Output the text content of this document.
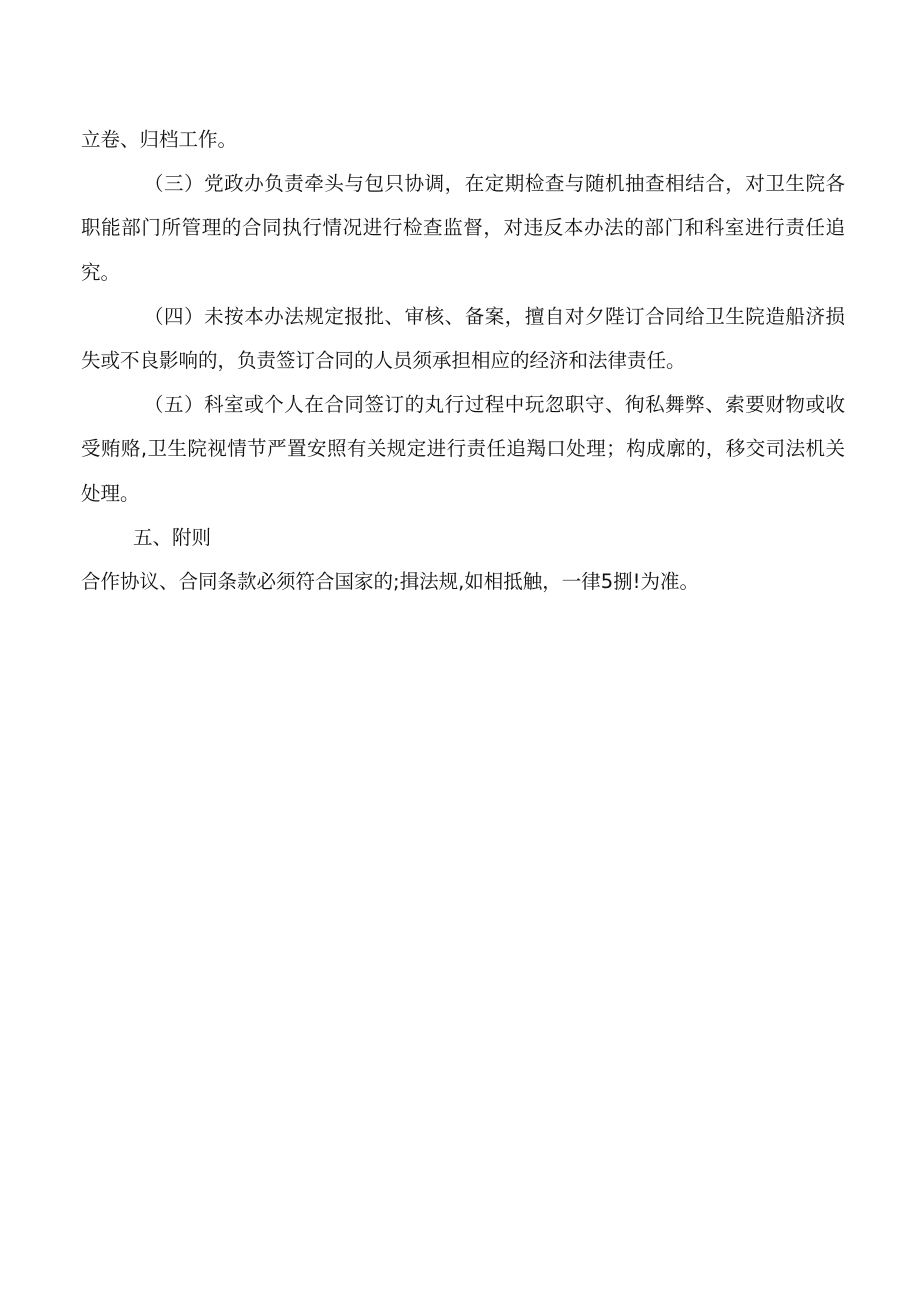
立卷、归档工作。

（三）党政办负责牵头与包只协调，在定期检查与随机抽查相结合，对卫生院各职能部门所管理的合同执行情况进行检查监督，对违反本办法的部门和科室进行责任追究。

（四）未按本办法规定报批、审核、备案，擅自对夕陛订合同给卫生院造船济损失或不良影响的，负责签订合同的人员须承担相应的经济和法律责任。

（五）科室或个人在合同签订的丸行过程中玩忽职守、徇私舞弊、索要财物或收受贿赂,卫生院视情节严置安照有关规定进行责任追羯口处理；构成廓的，移交司法机关处理。

五、附则

合作协议、合同条款必须符合国家的;揖法规,如相抵触，一律5捌!为准。
